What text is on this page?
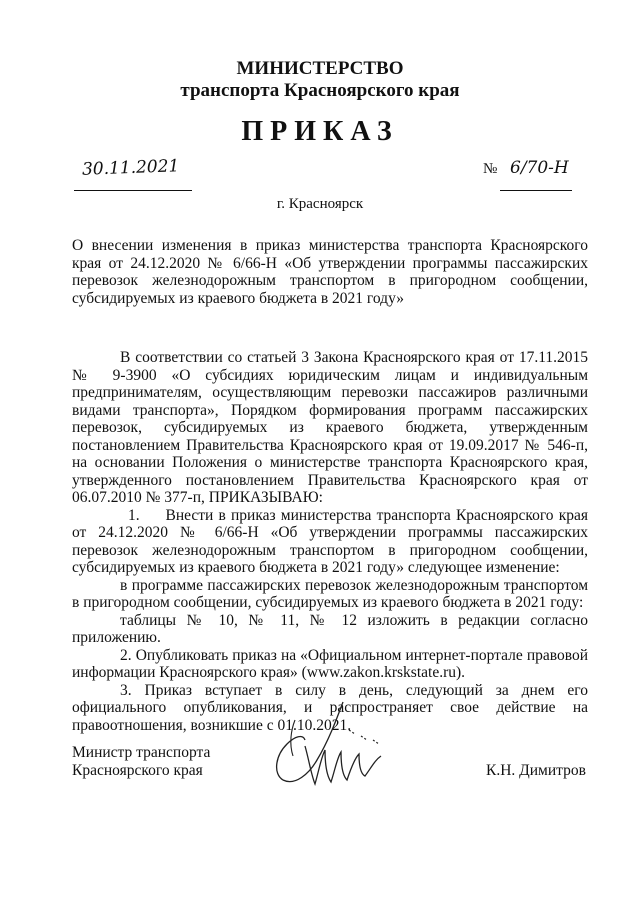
МИНИСТЕРСТВО
транспорта Красноярского края
ПРИКАЗ
30.11.2021	№ 6/70-Н
г. Красноярск

О внесении изменения в приказ министерства транспорта Красноярского края от 24.12.2020 № 6/66-Н «Об утверждении программы пассажирских перевозок железнодорожным транспортом в пригородном сообщении, субсидируемых из краевого бюджета в 2021 году»

В соответствии со статьей 3 Закона Красноярского края от 17.11.2015 № 9-3900 «О субсидиях юридическим лицам и индивидуальным предпринимателям, осуществляющим перевозки пассажиров различными видами транспорта», Порядком формирования программ пассажирских перевозок, субсидируемых из краевого бюджета, утвержденным постановлением Правительства Красноярского края от 19.09.2017 № 546-п, на основании Положения о министерстве транспорта Красноярского края, утвержденного постановлением Правительства Красноярского края от 06.07.2010 № 377-п, ПРИКАЗЫВАЮ:

1. Внести в приказ министерства транспорта Красноярского края от 24.12.2020 № 6/66-Н «Об утверждении программы пассажирских перевозок железнодорожным транспортом в пригородном сообщении, субсидируемых из краевого бюджета в 2021 году» следующее изменение:

в программе пассажирских перевозок железнодорожным транспортом в пригородном сообщении, субсидируемых из краевого бюджета в 2021 году:

таблицы № 10, № 11, № 12 изложить в редакции согласно приложению.

2. Опубликовать приказ на «Официальном интернет-портале правовой информации Красноярского края» (www.zakon.krskstate.ru).

3. Приказ вступает в силу в день, следующий за днем его официального опубликования, и распространяет свое действие на правоотношения, возникшие с 01.10.2021.

Министр транспорта
Красноярского края	К.Н. Димитров
